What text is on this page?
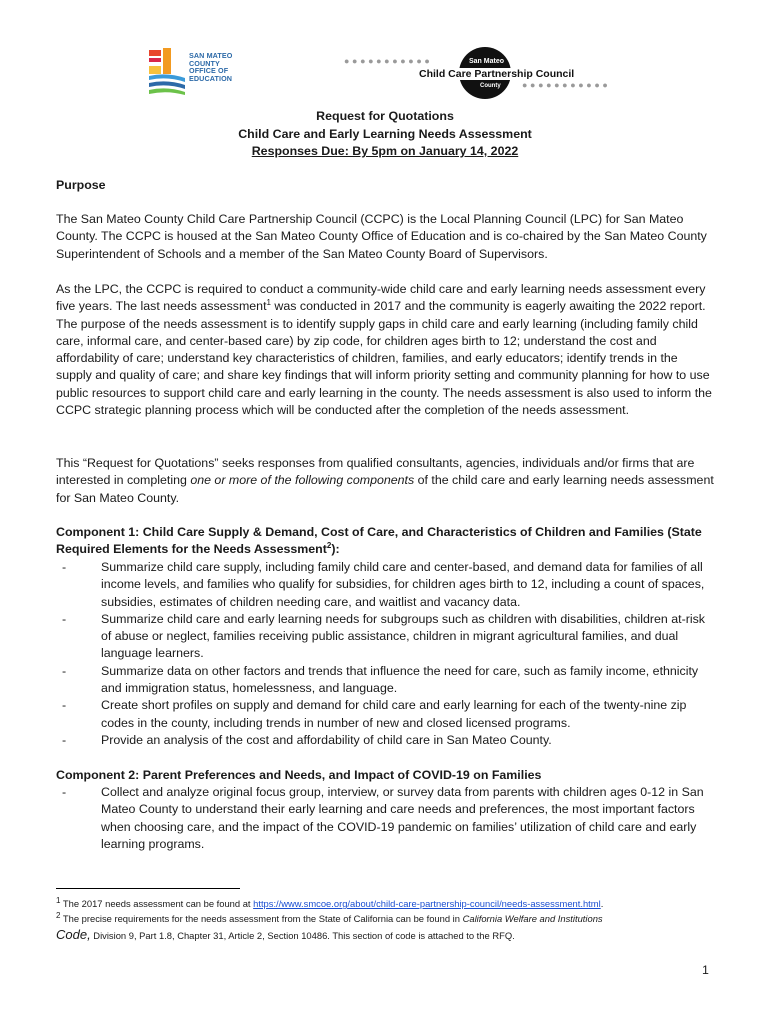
SAN MATEO
COUNTY
OFFICE OF
EDUCATION
●●●●●●●●●●●	San Mateo
Child Care Partnership Council
County ●●●●●●●●●●●
Request for Quotations
Child Care and Early Learning Needs Assessment
Responses Due: By 5pm on January 14, 2022
Purpose
The San Mateo County Child Care Partnership Council (CCPC) is the Local Planning Council (LPC) for San Mateo County. The CCPC is housed at the San Mateo County Office of Education and is co-chaired by the San Mateo County Superintendent of Schools and a member of the San Mateo County Board of Supervisors.
As the LPC, the CCPC is required to conduct a community-wide child care and early learning needs assessment every five years. The last needs assessment$^1$ was conducted in 2017 and the community is eagerly awaiting the 2022 report. The purpose of the needs assessment is to identify supply gaps in child care and early learning (including family child care, informal care, and center-based care) by zip code, for children ages birth to 12; understand the cost and affordability of care; understand key characteristics of children, families, and early educators; identify trends in the supply and quality of care; and share key findings that will inform priority setting and community planning for how to use public resources to support child care and early learning in the county. The needs assessment is also used to inform the CCPC strategic planning process which will be conducted after the completion of the needs assessment.
This “Request for Quotations” seeks responses from qualified consultants, agencies, individuals and/or firms that are interested in completing one or more of the following components of the child care and early learning needs assessment for San Mateo County.
Component 1: Child Care Supply & Demand, Cost of Care, and Characteristics of Children and Families (State Required Elements for the Needs Assessment$^2$):
-	Summarize child care supply, including family child care and center-based, and demand data for families of all income levels, and families who qualify for subsidies, for children ages birth to 12, including a count of spaces, subsidies, estimates of children needing care, and waitlist and vacancy data.
-	Summarize child care and early learning needs for subgroups such as children with disabilities, children at-risk of abuse or neglect, families receiving public assistance, children in migrant agricultural families, and dual language learners.
-	Summarize data on other factors and trends that influence the need for care, such as family income, ethnicity and immigration status, homelessness, and language.
-	Create short profiles on supply and demand for child care and early learning for each of the twenty-nine zip codes in the county, including trends in number of new and closed licensed programs.
-	Provide an analysis of the cost and affordability of child care in San Mateo County.
Component 2: Parent Preferences and Needs, and Impact of COVID-19 on Families
-	Collect and analyze original focus group, interview, or survey data from parents with children ages 0-12 in San Mateo County to understand their early learning and care needs and preferences, the most important factors when choosing care, and the impact of the COVID-19 pandemic on families’ utilization of child care and early learning programs.
$^1$ The 2017 needs assessment can be found at https://www.smcoe.org/about/child-care-partnership-council/needs-assessment.html.
$^2$ The precise requirements for the needs assessment from the State of California can be found in California Welfare and Institutions
Code, Division 9, Part 1.8, Chapter 31, Article 2, Section 10486. This section of code is attached to the RFQ.
1
